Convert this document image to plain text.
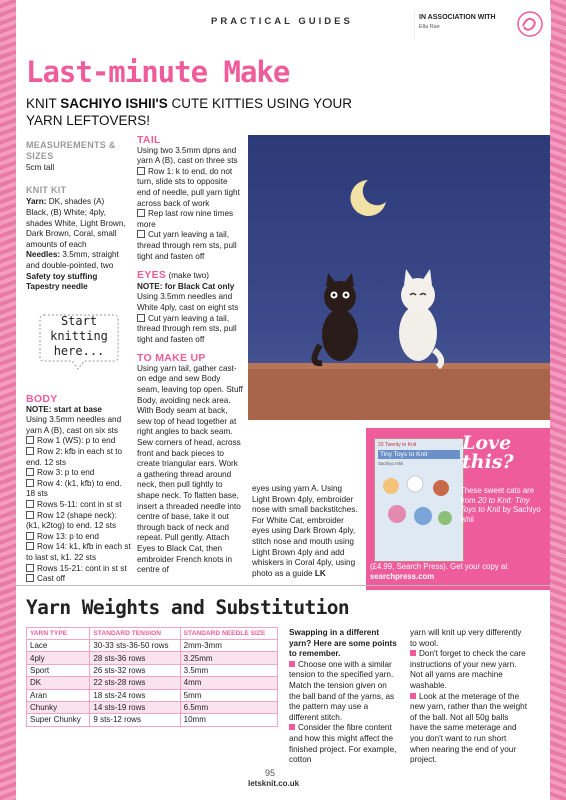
PRACTICAL GUIDES	IN ASSOCIATION WITH
Ella Rae
Last-minute Make
KNIT SACHIYO ISHII'S CUTE KITTIES USING YOUR YARN LEFTOVERS!
MEASUREMENTS & SIZES
5cm tall
KNIT KIT
Yarn: DK, shades (A) Black, (B) White; 4ply, shades White, Light Brown, Dark Brown, Coral, small amounts of each
Needles: 3.5mm, straight and double-pointed, two
Safety toy stuffing
Tapestry needle
Start
knitting
here...
BODY
NOTE: start at base
Using 3.5mm needles and yarn A (B), cast on six sts
Row 1 (WS): p to end
Row 2: kfb in each st to end. 12 sts
Row 3: p to end
Row 4: (k1, kfb) to end. 18 sts
Rows 5-11: cont in st st
Row 12 (shape neck): (k1, k2tog) to end. 12 sts
Row 13: p to end
Row 14: k1, kfb in each st to last st, k1. 22 sts
Rows 15-21: cont in st st
Cast off
TAIL
Using two 3.5mm dpns and yarn A (B), cast on three sts
Row 1: k to end, do not turn, slide sts to opposite end of needle, pull yarn tight across back of work
Rep last row nine times more
Cut yarn leaving a tail, thread through rem sts, pull tight and fasten off
EYES (make two)
NOTE: for Black Cat only
Using 3.5mm needles and White 4ply, cast on eight sts
Cut yarn leaving a tail, thread through rem sts, pull tight and fasten off
TO MAKE UP
Using yarn tail, gather cast-on edge and sew Body seam, leaving top open. Stuff Body, avoiding neck area. With Body seam at back, sew top of head together at right angles to back seam. Sew corners of head, across front and back pieces to create triangular ears. Work a gathering thread around neck, then pull tightly to shape neck. To flatten base, insert a threaded needle into centre of base, take it out through back of neck and repeat. Pull gently. Attach Eyes to Black Cat, then embroider French knots in centre of
eyes using yarn A. Using Light Brown 4ply, embroider nose with small backstitches. For White Cat, embroider eyes using Dark Brown 4ply, stitch nose and mouth using Light Brown 4ply and add whiskers in Coral 4ply, using photo as a guide LK
20 Twenty to Knit
Tiny Toys to Knit
Sachiyo Ishii
Love
this?
These sweet cats are from 20 to Knit: Tiny Toys to Knit by Sachiyo Ishii
(£4.99, Search Press). Get your copy at searchpress.com
Yarn Weights and Substitution
YARN TYPE	STANDARD TENSION	STANDARD NEEDLE SIZE
Lace	30-33 sts-36-50 rows	2mm-3mm
4ply	28 sts-36 rows	3.25mm
Sport	26 sts-32 rows	3.5mm
DK	22 sts-28 rows	4mm
Aran	18 sts-24 rows	5mm
Chunky	14 sts-19 rows	6.5mm
Super Chunky	9 sts-12 rows	10mm
Swapping in a different yarn? Here are some points to remember.
Choose one with a similar tension to the specified yarn. Match the tension given on the ball band of the yarns, as the pattern may use a different stitch.
Consider the fibre content and how this might affect the finished project. For example, cotton
yarn will knit up very differently to wool.
Don't forget to check the care instructions of your new yarn. Not all yarns are machine washable.
Look at the meterage of the new yarn, rather than the weight of the ball. Not all 50g balls have the same meterage and you don't want to run short when nearing the end of your project.
95
letsknit.co.uk
